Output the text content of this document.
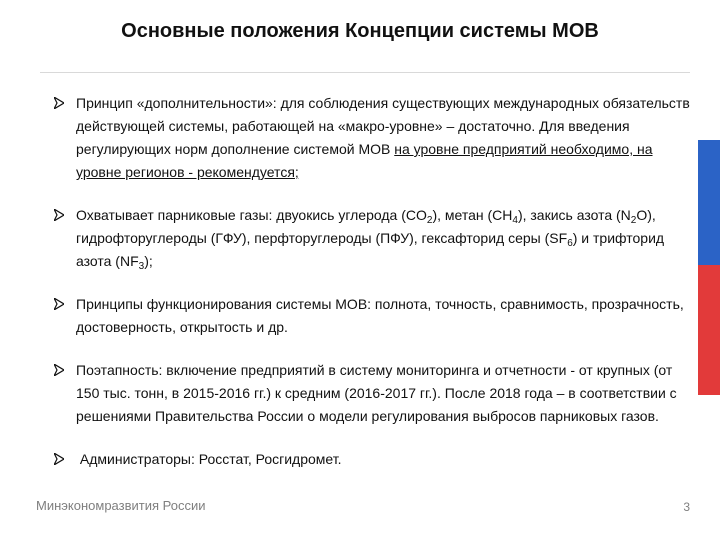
Основные положения Концепции системы МОВ
Принцип «дополнительности»: для соблюдения существующих международных обязательств действующей системы, работающей на «макро-уровне» – достаточно. Для введения регулирующих норм дополнение системой МОВ на уровне предприятий необходимо, на уровне регионов - рекомендуется;
Охватывает парниковые газы: двуокись углерода $(CO_2)$, метан $(CH_4)$, закись азота $(N_2O)$, гидрофторуглероды (ГФУ), перфторуглероды (ПФУ), гексафторид серы $(SF_6)$ и трифторид азота $(NF_3)$;
Принципы функционирования системы МОВ: полнота, точность, сравнимость, прозрачность, достоверность, открытость и др.
Поэтапность: включение предприятий в систему мониторинга и отчетности - от крупных (от 150 тыс. тонн, в 2015-2016 гг.) к средним (2016-2017 гг.). После 2018 года – в соответствии с решениями Правительства России о модели регулирования выбросов парниковых газов.
Администраторы: Росстат, Росгидромет.
Минэкономразвития России	3
